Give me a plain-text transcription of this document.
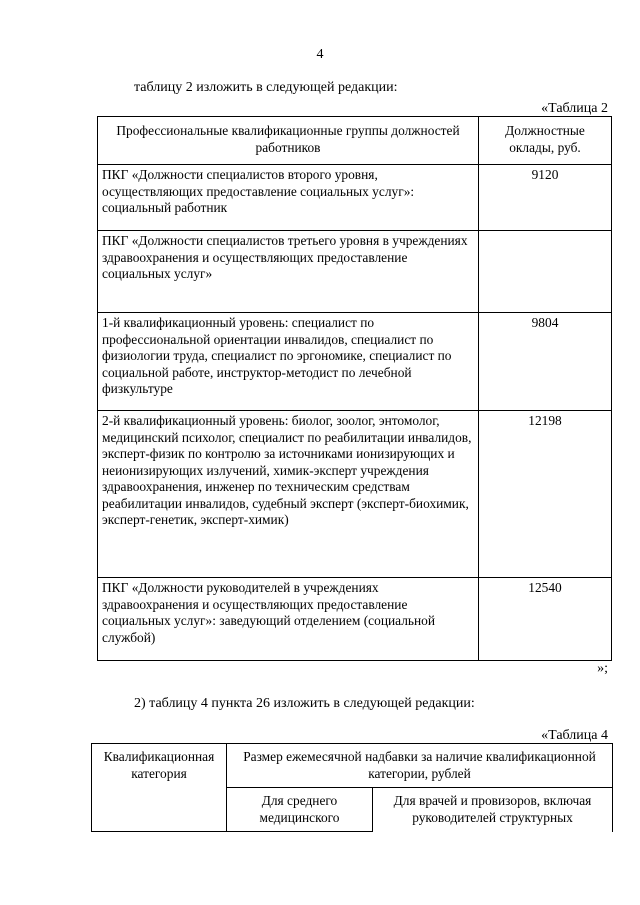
4
таблицу 2 изложить в следующей редакции:
«Таблица 2
Профессиональные квалификационные группы должностей работников	Должностные оклады, руб.
ПКГ «Должности специалистов второго уровня, осуществляющих предоставление социальных услуг»: социальный работник	9120
ПКГ «Должности специалистов третьего уровня в учреждениях здравоохранения и осуществляющих предоставление социальных услуг»	
1-й квалификационный уровень: специалист по профессиональной ориентации инвалидов, специалист по физиологии труда, специалист по эргономике, специалист по социальной работе, инструктор-методист по лечебной физкультуре	9804
2-й квалификационный уровень: биолог, зоолог, энтомолог, медицинский психолог, специалист по реабилитации инвалидов, эксперт-физик по контролю за источниками ионизирующих и неионизирующих излучений, химик-эксперт учреждения здравоохранения, инженер по техническим средствам реабилитации инвалидов, судебный эксперт (эксперт-биохимик, эксперт-генетик, эксперт-химик)	12198
ПКГ «Должности руководителей в учреждениях здравоохранения и осуществляющих предоставление социальных услуг»: заведующий отделением (социальной службой)	12540
»;
2) таблицу 4 пункта 26 изложить в следующей редакции:
«Таблица 4
Квалификационная категория	Размер ежемесячной надбавки за наличие квалификационной категории, рублей	
	Для среднего медицинского	Для врачей и провизоров, включая руководителей структурных
